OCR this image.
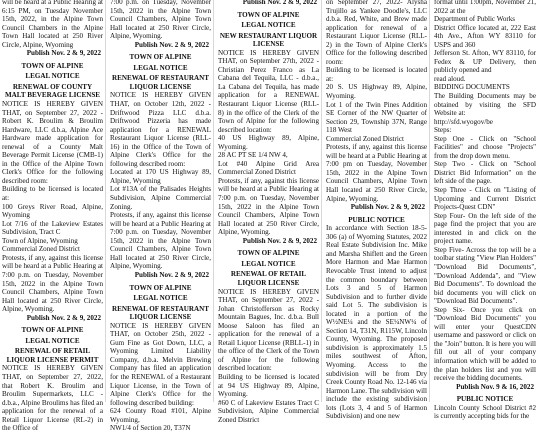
will be heard at a Public Hearing at 6:15 PM, on Tuesday November 15th, 2022, in the Alpine Town Council Chambers in the Alpine Town Hall located at 250 River Circle, Alpine, Wyoming

Publish Nov. 2 & 9, 2022
TOWN OF ALPINE
LEGAL NOTICE
RENEWAL OF COUNTY MALT BEVERAGE LICENSE

NOTICE IS HEREBY GIVEN THAT, on September 27, 2022 - Robert K. Broulim & Broulim Hardware, LLC d.b.a, Alpine Ace Hardware made application for renewal of a County Malt Beverage Permit License (CMB-1) in the Office of the Alpine Town Clerk's Office for the following described room:

Building to be licensed is located at:

100 Greys River Road, Alpine, Wyoming

Lot 7/16 of the Lakeview Estates Subdivision, Tract C

Town of Alpine, Wyoming

Commercial Zoned District

Protests, if any, against this license will be heard at a Public Hearing at 7:00 p.m. on Tuesday, November 15th, 2022 in the Alpine Town Council Chambers, Alpine Town Hall located at 250 River Circle, Alpine, Wyoming.

Publish Nov. 2 & 9, 2022
TOWN OF ALPINE
LEGAL NOTICE
RENEWAL OF RETAIL LIQUOR LICENSE PERMIT

NOTICE IS HEREBY GIVEN THAT, on September 27, 2022, that Robert K. Broulim and Broulim Supermarkets, LLC - d.b.a., Alpine Broulims has filed an application for the renewal of a Retail Liquor License (RL-2) in the Office of

7:00 p.m. on Tuesday, November 15th, 2022 in the Alpine Town Council Chambers, Alpine Town Hall located at 250 River Circle, Alpine, Wyoming.

Publish Nov. 2 & 9, 2022
TOWN OF ALPINE
LEGAL NOTICE
RENEWAL OF RESTAURANT LIQUOR LICENSE

NOTICE IS HEREBY GIVEN THAT, on October 12th, 2022 - Driftwood Pizza LLC d.b.a. Driftwood Pizzeria has made application for a RENEWAL Restaurant Liquor License (RLL-16) in the Office of the Town of Alpine Clerk's Office for the following described room:

Located at 170 US Highway 89, Alpine, Wyoming

Lot #13A of the Palisades Heights Subdivision, Alpine Commercial Zoning.

Protests, if any, against this license will be heard at a Public Hearing at 7:00 p.m. on Tuesday, November 15th, 2022 in the Alpine Town Council Chambers, Alpine Town Hall located at 250 River Circle, Alpine, Wyoming.

Publish Nov. 2 & 9, 2022
TOWN OF ALPINE
LEGAL NOTICE
RENEWAL OF RESTAURANT LIQUOR LICENSE

NOTICE IS HEREBY GIVEN THAT, on October 25th, 2022 -Gum Fine as Got Down, LLC, a Wyoming Limited Liability Company, d.b.a. Melvin Brewing Company has filed an application for the RENEWAL of a Restaurant Liquor License, in the Town of Alpine Clerk's Office for the following described building:

624 County Road #101, Alpine Wyoming,

NW1/4 of Section 20, T37N

Publish Nov. 2 & 9, 2022
TOWN OF ALPINE
LEGAL NOTICE
NEW RESTAURANT LIQUOR LICENSE

NOTICE IS HEREBY GIVEN THAT, on September 27th, 2022 - Christian Perez Franco as La Cabana del Tequila, LLC - d.b.a., La Cabana del Tequila, has made application for a RENEWAL Restaurant Liquor License (RLL-8) in the office of the Clerk of the Town of Alpine for the following described location:

40 US Highway 89, Alpine, Wyoming.

28 AC PT SE 1/4 NW 4,

Lot #40 Alpine Grid Area Commercial Zoned District

Protests, if any, against this license will be heard at a Public Hearing at 7:00 p.m. on Tuesday, November 15th, 2022 in the Alpine Town Council Chambers, Alpine Town Hall located at 250 River Circle, Alpine, Wyoming.

Publish Nov. 2 & 9, 2022
TOWN OF ALPINE
LEGAL NOTICE
RENEWAL OF RETAIL LIQUOR LICENSE

NOTICE IS HEREBY GIVEN THAT, on September 27, 2022 - Johan Christofferson as Rocky Mountain Bagues, Inc. d.b.a. Bull Moose Saloon has filed an application for the renewal of a Retail Liquor License (RBLL-1) in the office of the Clerk of the Town of Alpine for the following described location:

Building to be licensed is located at 94 US Highway 89, Alpine, Wyoming.

#60 C of Lakeview Estates Tract C Subdivision, Alpine Commercial Zoned District

on September 27, 2022- Alysha Trujillo as Yankee Doodle's, LLC d.b.a. Red, White, and Brew made application for renewal of a Restaurant Liquor License (RLL-2) in the Town of Alpine Clerk's Office for the following described room:

Building to be licensed is located at:

20 S. US Highway 89, Alpine, Wyoming.

Lot 1 of the Twin Pines Addition SE Corner of the NW Quarter of Section 29, Township 37N, Range 118 West

Commercial Zoned District

Protests, if any, against this license will be heard at a Public Hearing at 7:00 pm on Tuesday, November 15th, 2022 in the Alpine Town Council Chambers, Alpine Town Hall located at 250 River Circle, Alpine, Wyoming.

Publish Nov. 2 & 9, 2022
PUBLIC NOTICE

In accordance with Section 18-5-306 (a) of Wyoming Statutes, 2022 Real Estate Subdivision Inc. Mike and Marsha Shiflett and the Green More Harmon and Mae Harmon Revocable Trust intend to adjust the common boundary between Lots 3 and 5 of Harmon Subdivision and to further divide said Lot 5. The subdivision is located in a portion of the W½NE¼ and the SE¼NW¼ of Section 14, T31N, R115W, Lincoln County, Wyoming. The proposed subdivision is approximately 1.5 miles southwest of Afton, Wyoming. Access to the subdivision will be from Dry Creek County Road No. 12-146 via Harmon Lane. The subdivision will include the existing subdivision lots (Lots 3, 4 and 5 of Harmon Subdivision) and one new

format until 1:00pm, November 21, 2022 at the

Department of Public Works

District Office located at, 222 East 4th Ave., Afton WY 83110 for USPS and 360

Jefferson St. Afton, WY 83110, for Fedex & UP Delivery, then publicly opened and

read aloud.

BIDDING DOCUMENTS

The Building Documents may be obtained by visiting the SFD Website at:

http://sfd.wyogov/be

Steps:

Step One - Click on "School Facilities" and choose "Projects" from the drop down menu.

Step Two - Click on "School District Bid Information" on the left side of the page.

Step Three - Click on "Listing of Upcoming and Current District Projects-Quest CDN"

Step Four- On the left side of the page find the project that you are interested in and click on the project name.

Step Five- Across the top will be a toolbar stating "View Plan Holders" "Download Bid Documents", "Download Addenda", and "View Bid Documents". To download the bid documents you will click on "Download Bid Documents".

Step Six- Once you click on "Download Bid Documents" you will enter your QuestCDN username and password or click on the "Join" button. It is here you will fill out all of your company information which will be added to the plan holders list and you will receive the bidding documents.

Publish Nov. 9 & 16, 2022
PUBLIC NOTICE

Lincoln County School District #2 is currently accepting bids for the
